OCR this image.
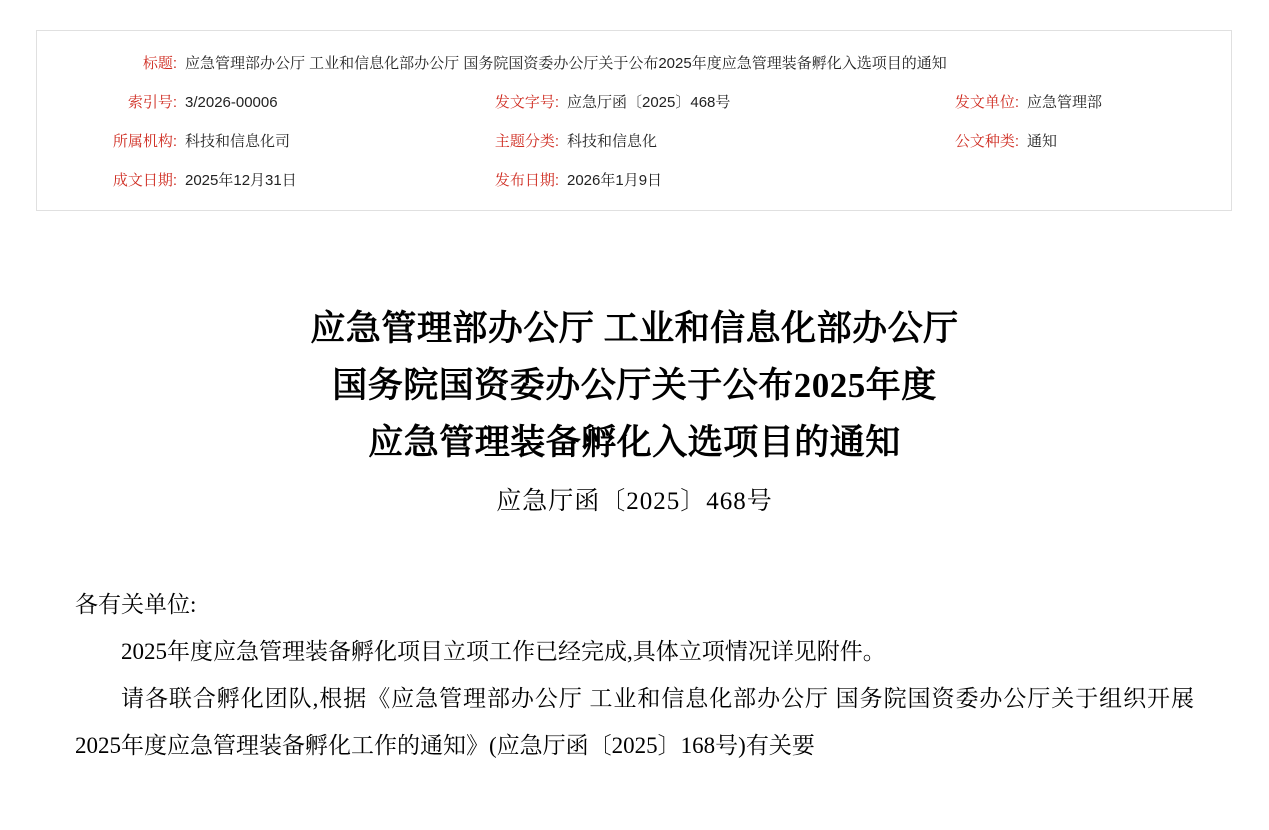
标题: 应急管理部办公厅 工业和信息化部办公厅 国务院国资委办公厅关于公布2025年度应急管理装备孵化入选项目的通知
索引号: 3/2026-00006	发文字号: 应急厅函〔2025〕468号	发文单位: 应急管理部
所属机构: 科技和信息化司	主题分类: 科技和信息化	公文种类: 通知
成文日期: 2025年12月31日	发布日期: 2026年1月9日
应急管理部办公厅 工业和信息化部办公厅
国务院国资委办公厅关于公布2025年度
应急管理装备孵化入选项目的通知
应急厅函〔2025〕468号

各有关单位:

2025年度应急管理装备孵化项目立项工作已经完成,具体立项情况详见附件。

请各联合孵化团队,根据《应急管理部办公厅 工业和信息化部办公厅 国务院国资委办公厅关于组织开展2025年度应急管理装备孵化工作的通知》(应急厅函〔2025〕168号)有关要
